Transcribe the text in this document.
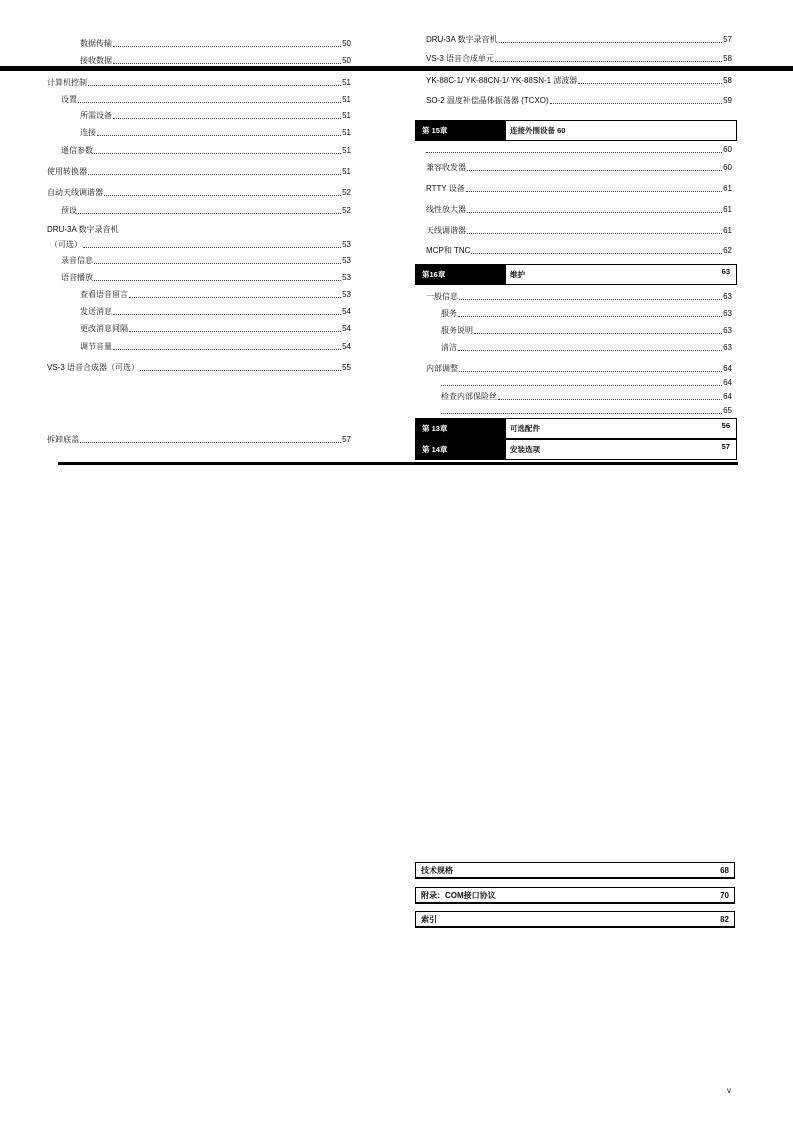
数据传输	50
接收数据	50
计算机控制	51
设置	51
所需设备	51
连接	51
通信参数	51
使用转换器	51
自动天线调谐器	52
预设	52
DRU-3A 数字录音机
（可选）	53
录音信息	53
语音播放	53
查看语音留言	53
发送消息	54
更改消息间隔	54
调节音量	54
VS-3 语音合成器（可选）	55
拆卸底盖	57
DRU-3A 数字录音机	57
VS-3 语音合成单元	58
YK-88C-1/ YK-88CN-1/ YK-88SN-1 滤波器	58
SO-2 温度补偿晶体振荡器 (TCXO)	59
60
兼容收发器	60
RTTY 设备	61
线性放大器	61
天线调谐器	61
MCP和 TNC	62
一般信息	63
服务	63
服务说明	63
清洁	63
内部调整	64
64
检查内部保险丝	64
65
第 15章	连接外围设备 60
第16章	维护	63
第 13章	可选配件	56
第 14章	安装选项	57
技术规格	68
附录：COM接口协议	70
索引	82
v
